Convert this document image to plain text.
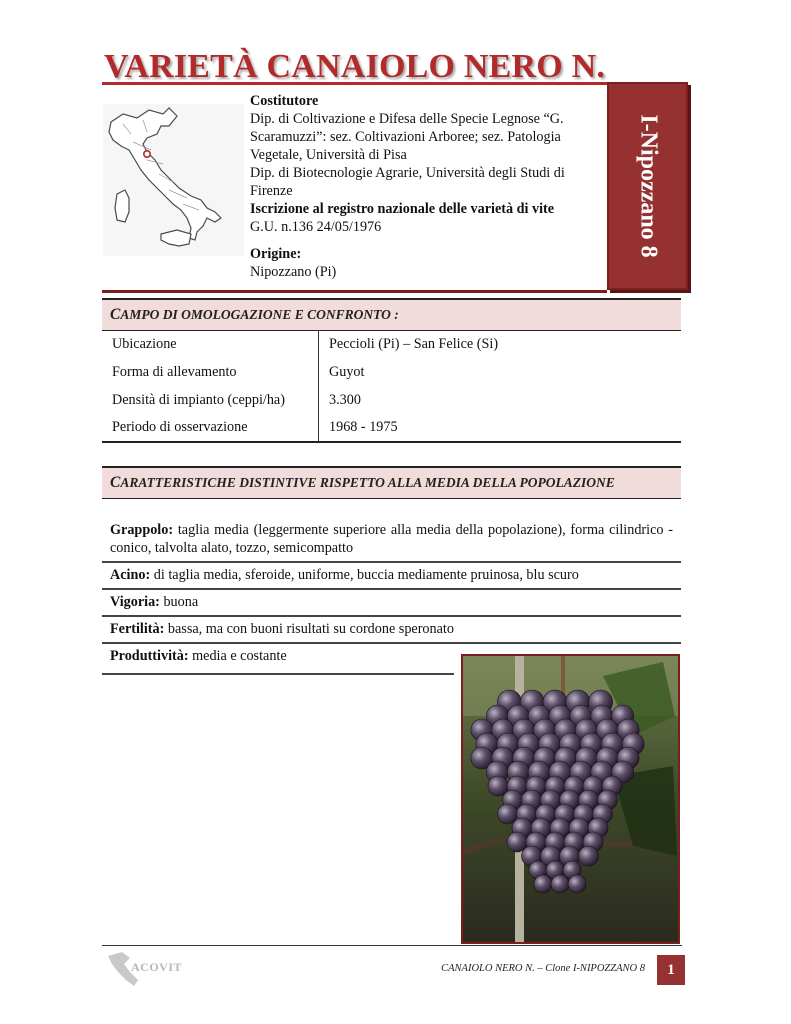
VARIETÀ CANAIOLO NERO N.
I-Nipozzano 8

Costitutore

Dip. di Coltivazione e Difesa delle Specie Legnose “G. Scaramuzzi”: sez. Coltivazioni Arboree; sez. Patologia Vegetale, Università di Pisa

Dip. di Biotecnologie Agrarie, Università degli Studi di Firenze

Iscrizione al registro nazionale delle varietà di vite

G.U. n.136 24/05/1976

Origine:

Nipozzano (Pi)

CAMPO DI OMOLOGAZIONE E CONFRONTO :
Ubicazione	Peccioli (Pi) – San Felice (Si)
Forma di allevamento	Guyot
Densità di impianto (ceppi/ha)	3.300
Periodo di osservazione	1968 - 1975
CARATTERISTICHE DISTINTIVE RISPETTO ALLA MEDIA DELLA POPOLAZIONE
Grappolo: taglia media (leggermente superiore alla media della popolazione), forma cilindrico - conico, talvolta alato, tozzo, semicompatto
Acino: di taglia media, sferoide, uniforme, buccia mediamente pruinosa, blu scuro
Vigoria: buona
Fertilità: bassa, ma con buoni risultati su cordone speronato
Produttività: media e costante
ACOVIT	CANAIOLO NERO N. – Clone I-NIPOZZANO 8	1
